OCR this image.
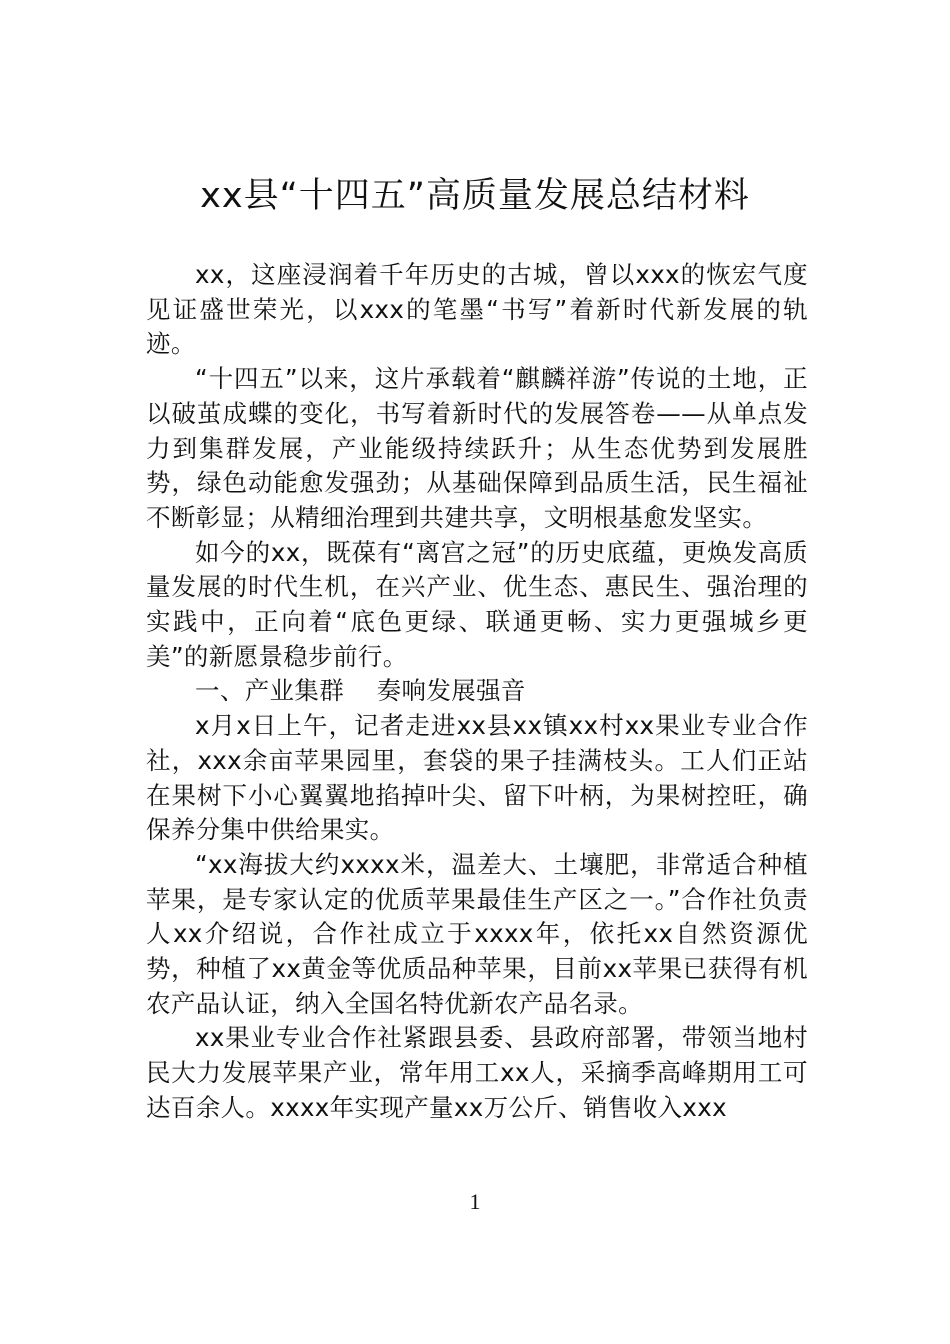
xx县“十四五”高质量发展总结材料

xx，这座浸润着千年历史的古城，曾以xxx的恢宏气度见证盛世荣光，以xxx的笔墨“书写”着新时代新发展的轨迹。

“十四五”以来，这片承载着“麒麟祥游”传说的土地，正以破茧成蝶的变化，书写着新时代的发展答卷——从单点发力到集群发展，产业能级持续跃升；从生态优势到发展胜势，绿色动能愈发强劲；从基础保障到品质生活，民生福祉不断彰显；从精细治理到共建共享，文明根基愈发坚实。

如今的xx，既葆有“离宫之冠”的历史底蕴，更焕发高质量发展的时代生机，在兴产业、优生态、惠民生、强治理的实践中，正向着“底色更绿、联通更畅、实力更强城乡更美”的新愿景稳步前行。

一、产业集群    奏响发展强音

x月x日上午，记者走进xx县xx镇xx村xx果业专业合作社，xxx余亩苹果园里，套袋的果子挂满枝头。工人们正站在果树下小心翼翼地掐掉叶尖、留下叶柄，为果树控旺，确保养分集中供给果实。

“xx海拔大约xxxx米，温差大、土壤肥，非常适合种植苹果，是专家认定的优质苹果最佳生产区之一。”合作社负责人xx介绍说，合作社成立于xxxx年，依托xx自然资源优势，种植了xx黄金等优质品种苹果，目前xx苹果已获得有机农产品认证，纳入全国名特优新农产品名录。

xx果业专业合作社紧跟县委、县政府部署，带领当地村民大力发展苹果产业，常年用工xx人，采摘季高峰期用工可达百余人。xxxx年实现产量xx万公斤、销售收入xxx

1
